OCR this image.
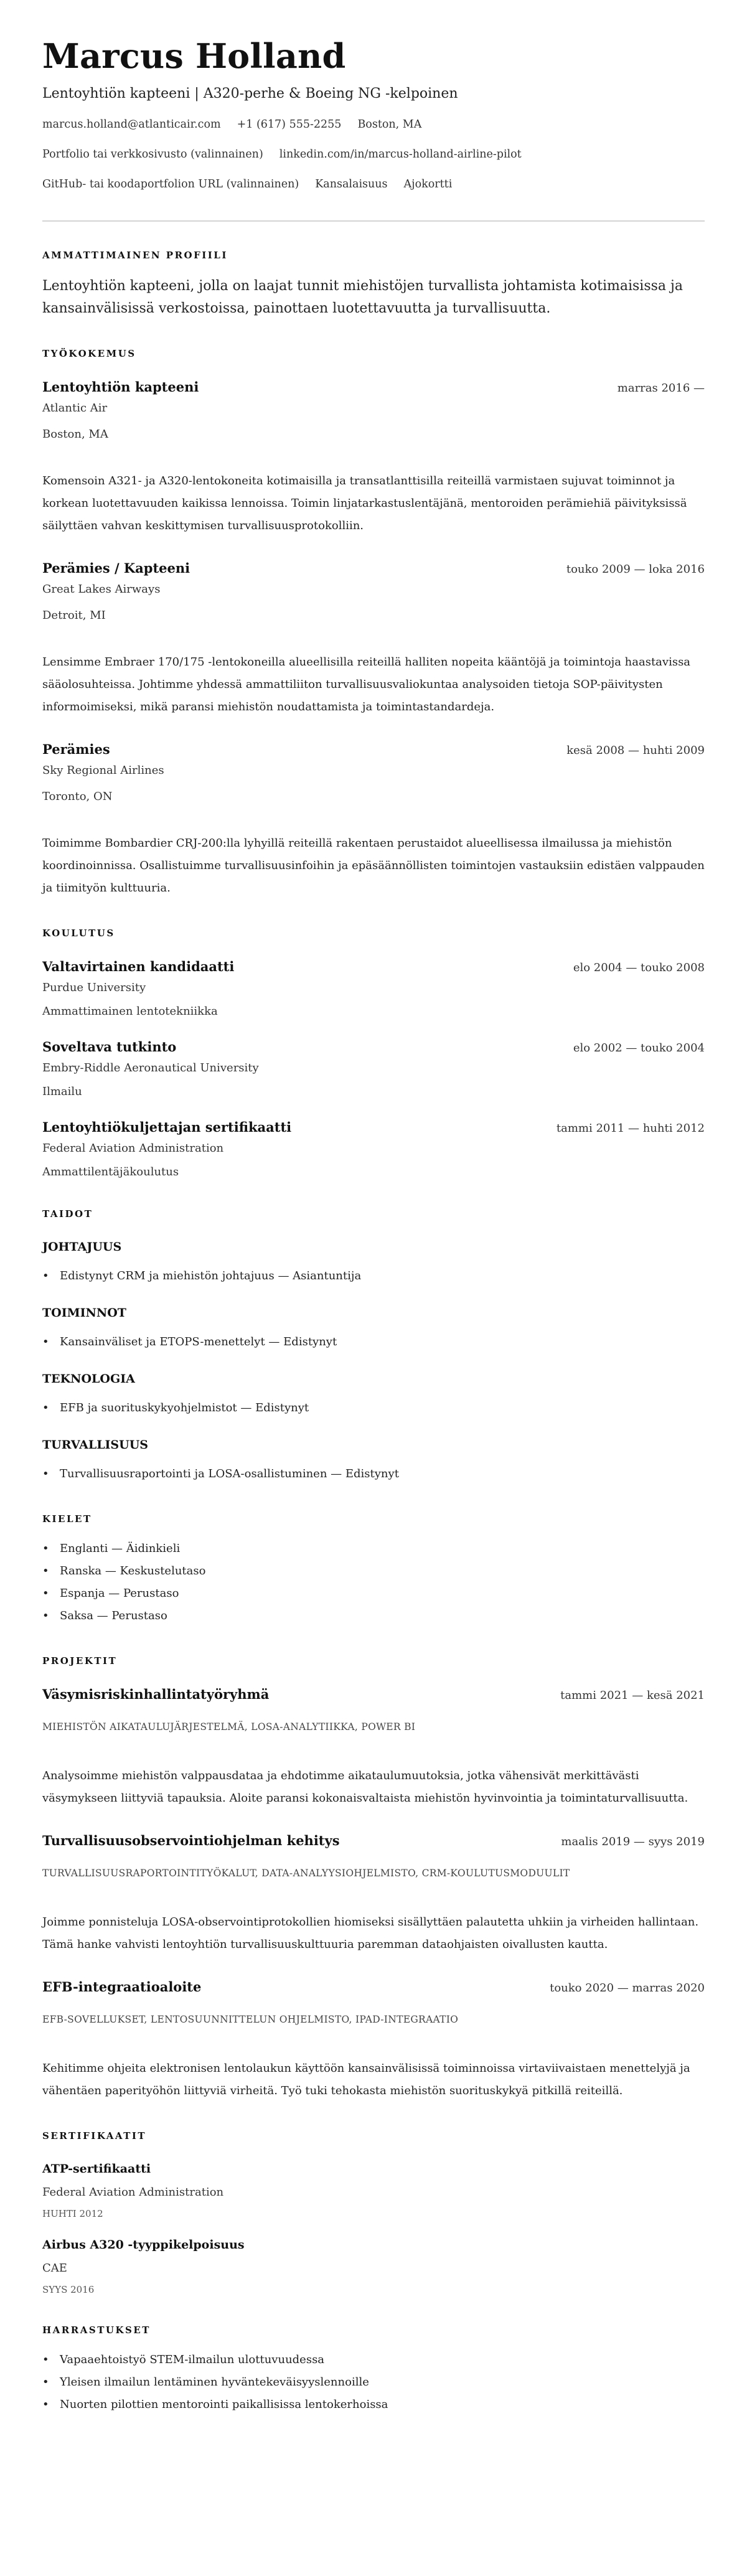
Marcus Holland
Lentoyhtiön kapteeni | A320-perhe & Boeing NG -kelpoinen
marcus.holland@atlanticair.com +1 (617) 555-2255 Boston, MA
Portfolio tai verkkosivusto (valinnainen) linkedin.com/in/marcus-holland-airline-pilot
GitHub- tai koodaportfolion URL (valinnainen) Kansalaisuus Ajokortti
AMMATTIMAINEN PROFIILI

Lentoyhtiön kapteeni, jolla on laajat tunnit miehistöjen turvallista johtamista kotimaisissa ja kansainvälisissä verkostoissa, painottaen luotettavuutta ja turvallisuutta.

TYÖKOKEMUS
Lentoyhtiön kapteeni	marras 2016 —
Atlantic Air
Boston, MA

Komensoin A321- ja A320-lentokoneita kotimaisilla ja transatlanttisilla reiteillä varmistaen sujuvat toiminnot ja korkean luotettavuuden kaikissa lennoissa. Toimin linjatarkastuslentäjänä, mentoroiden perämiehiä päivityksissä säilyttäen vahvan keskittymisen turvallisuusprotokolliin.

Perämies / Kapteeni	touko 2009 — loka 2016
Great Lakes Airways
Detroit, MI

Lensimme Embraer 170/175 -lentokoneilla alueellisilla reiteillä halliten nopeita kääntöjä ja toimintoja haastavissa sääolosuhteissa. Johtimme yhdessä ammattiliiton turvallisuusvaliokuntaa analysoiden tietoja SOP-päivitysten informoimiseksi, mikä paransi miehistön noudattamista ja toimintastandardeja.

Perämies	kesä 2008 — huhti 2009
Sky Regional Airlines
Toronto, ON

Toimimme Bombardier CRJ-200:lla lyhyillä reiteillä rakentaen perustaidot alueellisessa ilmailussa ja miehistön koordinoinnissa. Osallistuimme turvallisuusinfoihin ja epäsäännöllisten toimintojen vastauksiin edistäen valppauden ja tiimityön kulttuuria.

KOULUTUS
Valtavirtainen kandidaatti	elo 2004 — touko 2008
Purdue University
Ammattimainen lentotekniikka
Soveltava tutkinto	elo 2002 — touko 2004
Embry-Riddle Aeronautical University
Ilmailu
Lentoyhtiökuljettajan sertifikaatti	tammi 2011 — huhti 2012
Federal Aviation Administration
Ammattilentäjäkoulutus
TAIDOT
JOHTAJUUS
• Edistynyt CRM ja miehistön johtajuus — Asiantuntija
TOIMINNOT
• Kansainväliset ja ETOPS-menettelyt — Edistynyt
TEKNOLOGIA
• EFB ja suorituskykyohjelmistot — Edistynyt
TURVALLISUUS
• Turvallisuusraportointi ja LOSA-osallistuminen — Edistynyt
KIELET
• Englanti — Äidinkieli
• Ranska — Keskustelutaso
• Espanja — Perustaso
• Saksa — Perustaso
PROJEKTIT
Väsymisriskinhallintatyöryhmä	tammi 2021 — kesä 2021
MIEHISTÖN AIKATAULUJÄRJESTELMÄ, LOSA-ANALYTIIKKA, POWER BI

Analysoimme miehistön valppausdataa ja ehdotimme aikataulumuutoksia, jotka vähensivät merkittävästi väsymykseen liittyviä tapauksia. Aloite paransi kokonaisvaltaista miehistön hyvinvointia ja toimintaturvallisuutta.

Turvallisuusobservointiohjelman kehitys	maalis 2019 — syys 2019
TURVALLISUUSRAPORTOINTITYÖKALUT, DATA-ANALYYSIOHJELMISTO, CRM-KOULUTUSMODUULIT

Joimme ponnisteluja LOSA-observointiprotokollien hiomiseksi sisällyttäen palautetta uhkiin ja virheiden hallintaan. Tämä hanke vahvisti lentoyhtiön turvallisuuskulttuuria paremman dataohjaisten oivallusten kautta.

EFB-integraatioaloite	touko 2020 — marras 2020
EFB-SOVELLUKSET, LENTOSUUNNITTELUN OHJELMISTO, IPAD-INTEGRAATIO

Kehitimme ohjeita elektronisen lentolaukun käyttöön kansainvälisissä toiminnoissa virtaviivaistaen menettelyjä ja vähentäen paperityöhön liittyviä virheitä. Työ tuki tehokasta miehistön suorituskykyä pitkillä reiteillä.

SERTIFIKAATIT
ATP-sertifikaatti
Federal Aviation Administration
HUHTI 2012
Airbus A320 -tyyppikelpoisuus
CAE
SYYS 2016
HARRASTUKSET
• Vapaaehtoistyö STEM-ilmailun ulottuvuudessa
• Yleisen ilmailun lentäminen hyväntekeväisyyslennoille
• Nuorten pilottien mentorointi paikallisissa lentokerhoissa
